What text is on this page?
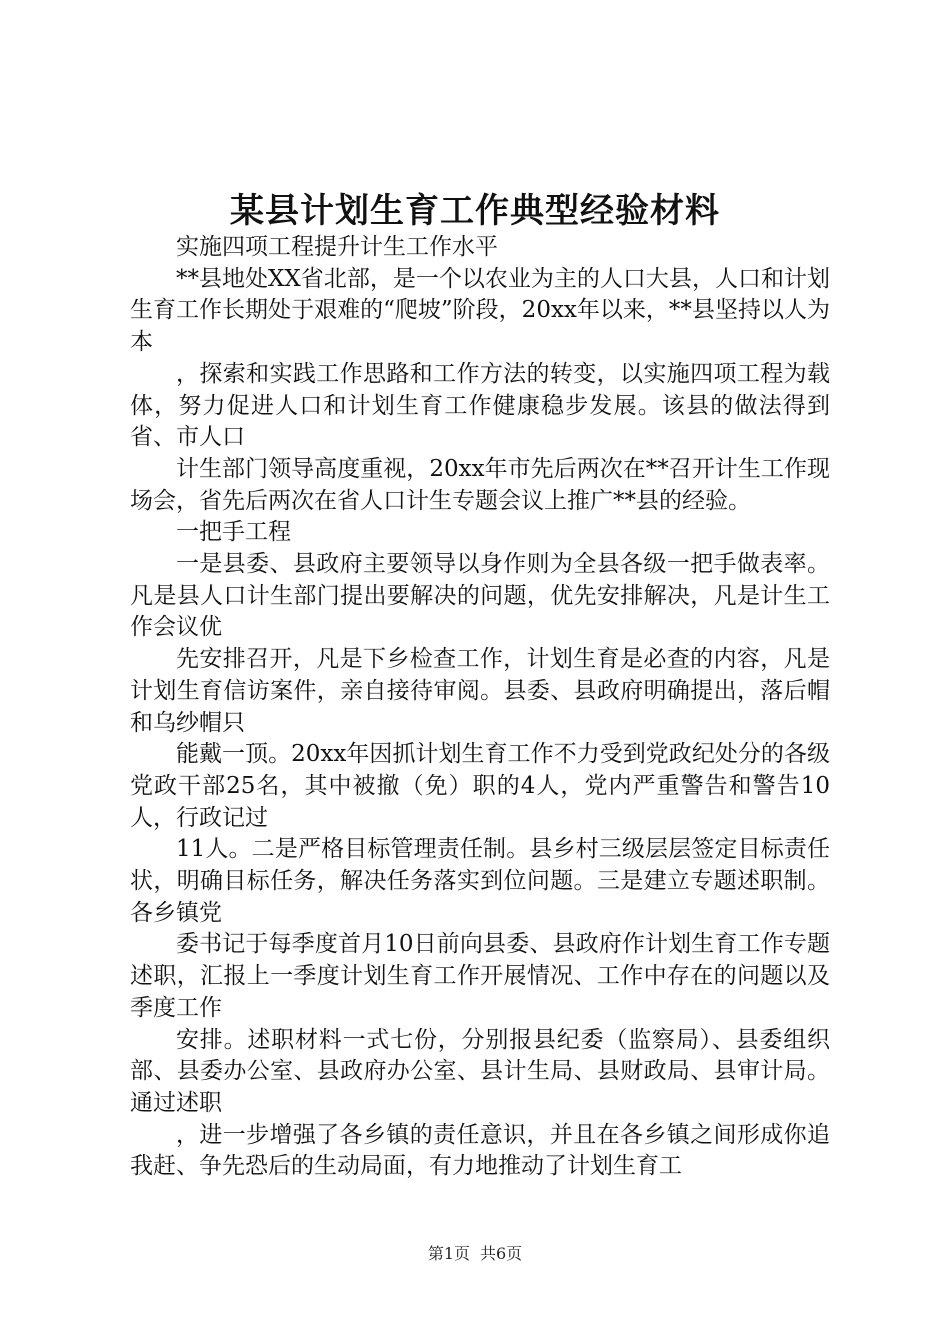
某县计划生育工作典型经验材料

实施四项工程提升计生工作水平

**县地处XX省北部，是一个以农业为主的人口大县，人口和计划生育工作长期处于艰难的“爬坡”阶段，20xx年以来，**县坚持以人为本

，探索和实践工作思路和工作方法的转变，以实施四项工程为载体，努力促进人口和计划生育工作健康稳步发展。该县的做法得到省、市人口

计生部门领导高度重视，20xx年市先后两次在**召开计生工作现场会，省先后两次在省人口计生专题会议上推广**县的经验。

一把手工程

一是县委、县政府主要领导以身作则为全县各级一把手做表率。凡是县人口计生部门提出要解决的问题，优先安排解决，凡是计生工作会议优

先安排召开，凡是下乡检查工作，计划生育是必查的内容，凡是计划生育信访案件，亲自接待审阅。县委、县政府明确提出，落后帽和乌纱帽只

能戴一顶。20xx年因抓计划生育工作不力受到党政纪处分的各级党政干部25名，其中被撤（免）职的4人，党内严重警告和警告10人，行政记过

11人。二是严格目标管理责任制。县乡村三级层层签定目标责任状，明确目标任务，解决任务落实到位问题。三是建立专题述职制。各乡镇党

委书记于每季度首月10日前向县委、县政府作计划生育工作专题述职，汇报上一季度计划生育工作开展情况、工作中存在的问题以及季度工作

安排。述职材料一式七份，分别报县纪委（监察局）、县委组织部、县委办公室、县政府办公室、县计生局、县财政局、县审计局。通过述职

，进一步增强了各乡镇的责任意识，并且在各乡镇之间形成你追我赶、争先恐后的生动局面，有力地推动了计划生育工

第1页 共6页
